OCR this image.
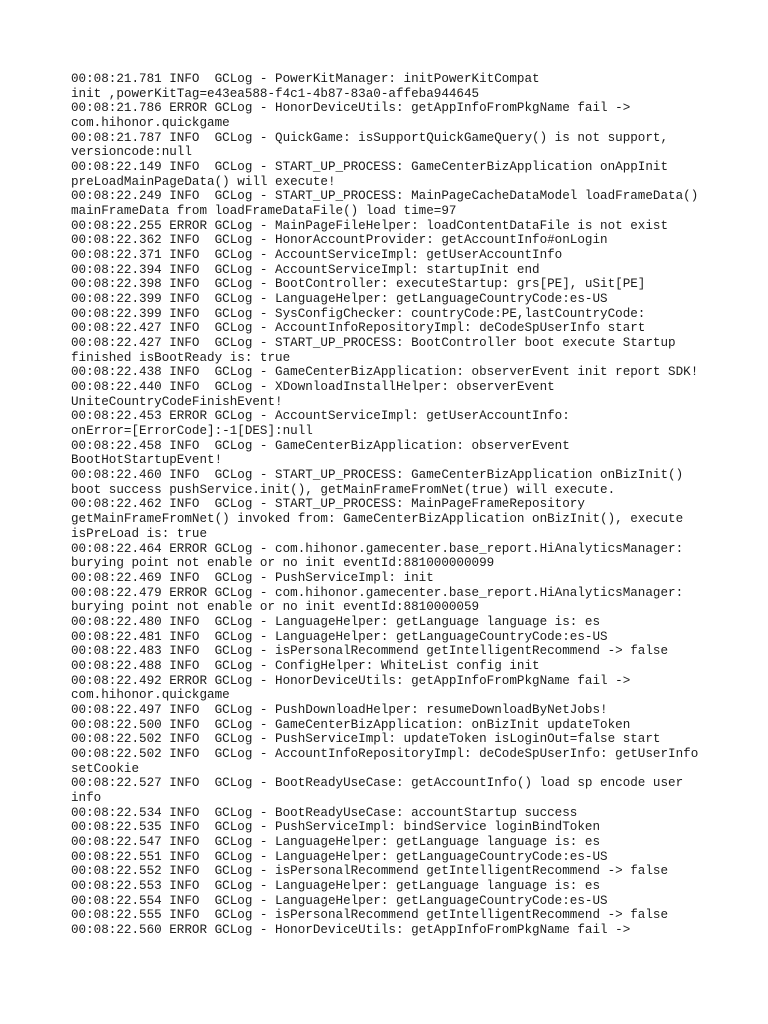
00:08:21.781 INFO  GCLog - PowerKitManager: initPowerKitCompat
init ,powerKitTag=e43ea588-f4c1-4b87-83a0-affeba944645
00:08:21.786 ERROR GCLog - HonorDeviceUtils: getAppInfoFromPkgName fail ->
com.hihonor.quickgame
00:08:21.787 INFO  GCLog - QuickGame: isSupportQuickGameQuery() is not support,
versioncode:null
00:08:22.149 INFO  GCLog - START_UP_PROCESS: GameCenterBizApplication onAppInit
preLoadMainPageData() will execute!
00:08:22.249 INFO  GCLog - START_UP_PROCESS: MainPageCacheDataModel loadFrameData()
mainFrameData from loadFrameDataFile() load time=97
00:08:22.255 ERROR GCLog - MainPageFileHelper: loadContentDataFile is not exist
00:08:22.362 INFO  GCLog - HonorAccountProvider: getAccountInfo#onLogin
00:08:22.371 INFO  GCLog - AccountServiceImpl: getUserAccountInfo
00:08:22.394 INFO  GCLog - AccountServiceImpl: startupInit end
00:08:22.398 INFO  GCLog - BootController: executeStartup: grs[PE], uSit[PE]
00:08:22.399 INFO  GCLog - LanguageHelper: getLanguageCountryCode:es-US
00:08:22.399 INFO  GCLog - SysConfigChecker: countryCode:PE,lastCountryCode:
00:08:22.427 INFO  GCLog - AccountInfoRepositoryImpl: deCodeSpUserInfo start
00:08:22.427 INFO  GCLog - START_UP_PROCESS: BootController boot execute Startup
finished isBootReady is: true
00:08:22.438 INFO  GCLog - GameCenterBizApplication: observerEvent init report SDK!
00:08:22.440 INFO  GCLog - XDownloadInstallHelper: observerEvent
UniteCountryCodeFinishEvent!
00:08:22.453 ERROR GCLog - AccountServiceImpl: getUserAccountInfo:
onError=[ErrorCode]:-1[DES]:null
00:08:22.458 INFO  GCLog - GameCenterBizApplication: observerEvent
BootHotStartupEvent!
00:08:22.460 INFO  GCLog - START_UP_PROCESS: GameCenterBizApplication onBizInit()
boot success pushService.init(), getMainFrameFromNet(true) will execute.
00:08:22.462 INFO  GCLog - START_UP_PROCESS: MainPageFrameRepository
getMainFrameFromNet() invoked from: GameCenterBizApplication onBizInit(), execute
isPreLoad is: true
00:08:22.464 ERROR GCLog - com.hihonor.gamecenter.base_report.HiAnalyticsManager:
burying point not enable or no init eventId:881000000099
00:08:22.469 INFO  GCLog - PushServiceImpl: init
00:08:22.479 ERROR GCLog - com.hihonor.gamecenter.base_report.HiAnalyticsManager:
burying point not enable or no init eventId:8810000059
00:08:22.480 INFO  GCLog - LanguageHelper: getLanguage language is: es
00:08:22.481 INFO  GCLog - LanguageHelper: getLanguageCountryCode:es-US
00:08:22.483 INFO  GCLog - isPersonalRecommend getIntelligentRecommend -> false
00:08:22.488 INFO  GCLog - ConfigHelper: WhiteList config init
00:08:22.492 ERROR GCLog - HonorDeviceUtils: getAppInfoFromPkgName fail ->
com.hihonor.quickgame
00:08:22.497 INFO  GCLog - PushDownloadHelper: resumeDownloadByNetJobs!
00:08:22.500 INFO  GCLog - GameCenterBizApplication: onBizInit updateToken
00:08:22.502 INFO  GCLog - PushServiceImpl: updateToken isLoginOut=false start
00:08:22.502 INFO  GCLog - AccountInfoRepositoryImpl: deCodeSpUserInfo: getUserInfo
setCookie
00:08:22.527 INFO  GCLog - BootReadyUseCase: getAccountInfo() load sp encode user
info
00:08:22.534 INFO  GCLog - BootReadyUseCase: accountStartup success
00:08:22.535 INFO  GCLog - PushServiceImpl: bindService loginBindToken
00:08:22.547 INFO  GCLog - LanguageHelper: getLanguage language is: es
00:08:22.551 INFO  GCLog - LanguageHelper: getLanguageCountryCode:es-US
00:08:22.552 INFO  GCLog - isPersonalRecommend getIntelligentRecommend -> false
00:08:22.553 INFO  GCLog - LanguageHelper: getLanguage language is: es
00:08:22.554 INFO  GCLog - LanguageHelper: getLanguageCountryCode:es-US
00:08:22.555 INFO  GCLog - isPersonalRecommend getIntelligentRecommend -> false
00:08:22.560 ERROR GCLog - HonorDeviceUtils: getAppInfoFromPkgName fail ->
